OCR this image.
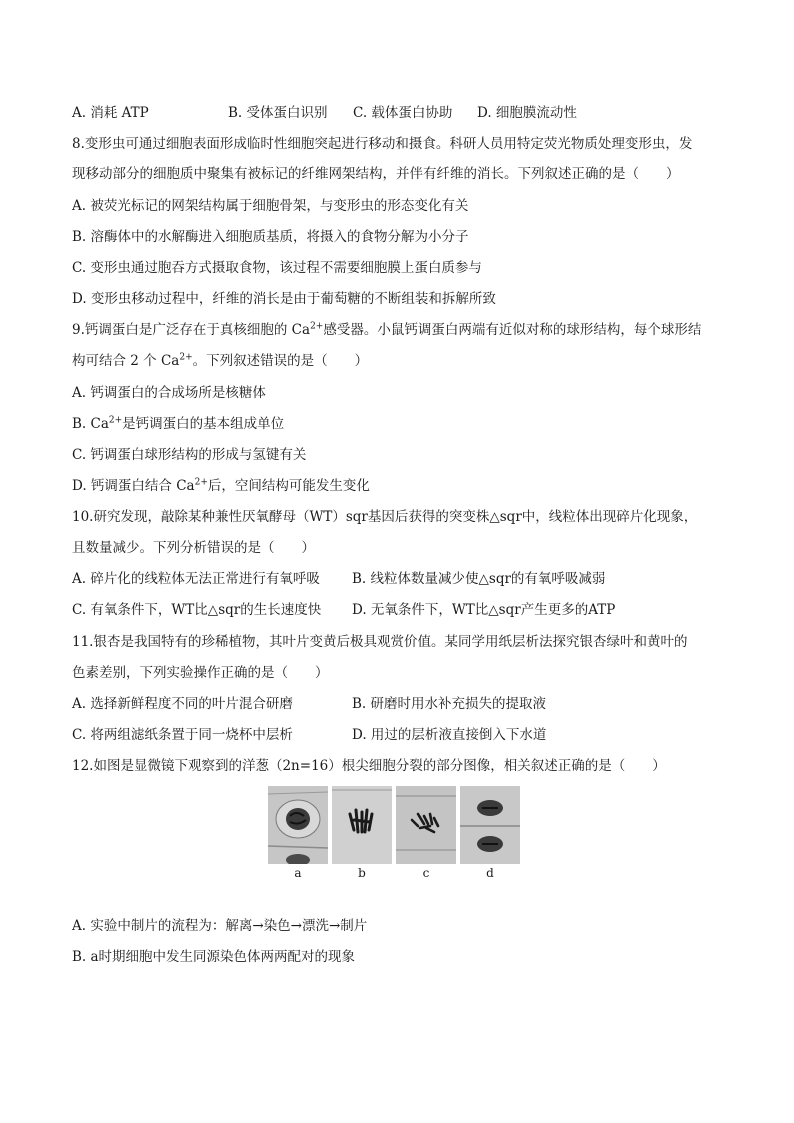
A. 消耗 ATP	B. 受体蛋白识别 C. 载体蛋白协助 D. 细胞膜流动性
8.变形虫可通过细胞表面形成临时性细胞突起进行移动和摄食。科研人员用特定荧光物质处理变形虫，发
现移动部分的细胞质中聚集有被标记的纤维网架结构，并伴有纤维的消长。下列叙述正确的是（　　）
A. 被荧光标记的网架结构属于细胞骨架，与变形虫的形态变化有关
B. 溶酶体中的水解酶进入细胞质基质，将摄入的食物分解为小分子
C. 变形虫通过胞吞方式摄取食物，该过程不需要细胞膜上蛋白质参与
D. 变形虫移动过程中，纤维的消长是由于葡萄糖的不断组装和拆解所致
9.钙调蛋白是广泛存在于真核细胞的 $Ca^{2+}$感受器。小鼠钙调蛋白两端有近似对称的球形结构，每个球形结
构可结合 2 个 $Ca^{2+}$。下列叙述错误的是（　　）
A. 钙调蛋白的合成场所是核糖体
B. $Ca^{2+}$是钙调蛋白的基本组成单位
C. 钙调蛋白球形结构的形成与氢键有关
D. 钙调蛋白结合 $Ca^{2+}$后，空间结构可能发生变化
10.研究发现，敲除某种兼性厌氧酵母（WT）sqr基因后获得的突变株△sqr中，线粒体出现碎片化现象，
且数量减少。下列分析错误的是（　　）
A. 碎片化的线粒体无法正常进行有氧呼吸 B. 线粒体数量减少使△sqr的有氧呼吸减弱
C. 有氧条件下，WT比△sqr的生长速度快 D. 无氧条件下，WT比△sqr产生更多的ATP
11.银杏是我国特有的珍稀植物，其叶片变黄后极具观赏价值。某同学用纸层析法探究银杏绿叶和黄叶的
色素差别，下列实验操作正确的是（　　）
A. 选择新鲜程度不同的叶片混合研磨	B. 研磨时用水补充损失的提取液
C. 将两组滤纸条置于同一烧杯中层析	D. 用过的层析液直接倒入下水道
12.如图是显微镜下观察到的洋葱（2n=16）根尖细胞分裂的部分图像，相关叙述正确的是（　　）
a	b	c	d
A. 实验中制片的流程为：解离→染色→漂洗→制片
B. a时期细胞中发生同源染色体两两配对的现象
